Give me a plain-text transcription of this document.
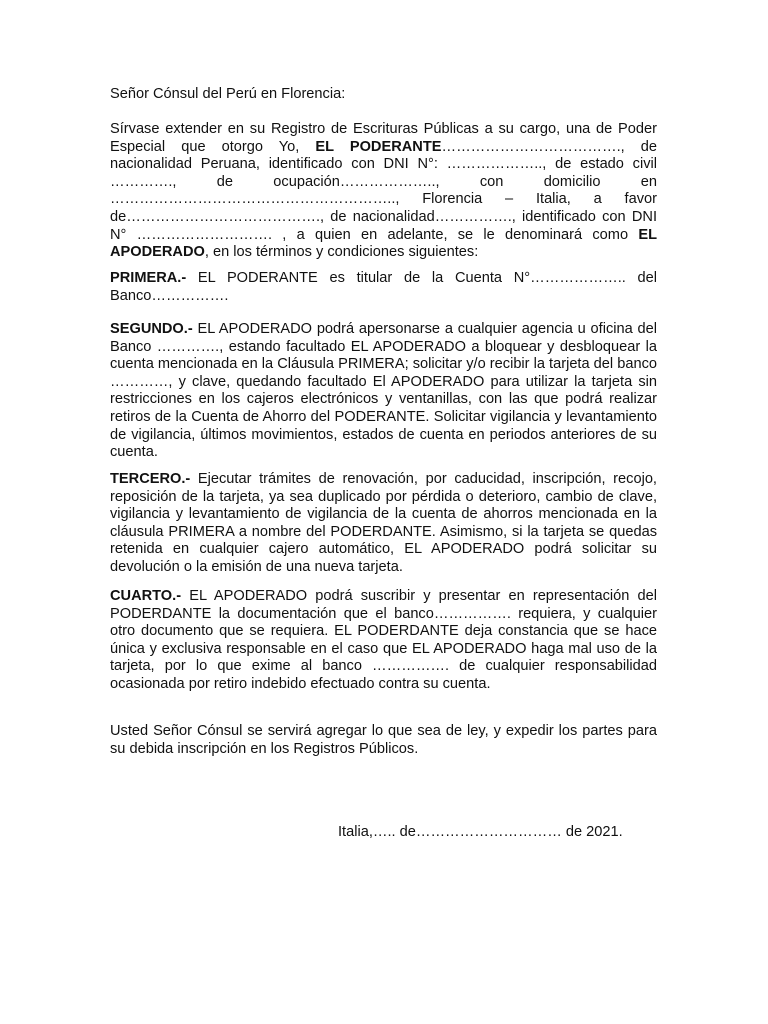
Señor Cónsul del Perú en Florencia:
Sírvase extender en su Registro de Escrituras Públicas a su cargo, una de Poder Especial que otorgo Yo, EL PODERANTE………………………………., de nacionalidad Peruana, identificado con DNI N°: ……………….., de estado civil …………., de ocupación……………….., con domicilio en ………………………………………………….., Florencia – Italia, a favor de…………………………………., de nacionalidad……………., identificado con DNI N° ………………………. , a quien en adelante, se le denominará como EL APODERADO, en los términos y condiciones siguientes:
PRIMERA.- EL PODERANTE es titular de la Cuenta N°……………….. del Banco…………….
SEGUNDO.- EL APODERADO podrá apersonarse a cualquier agencia u oficina del Banco …………., estando facultado EL APODERADO a bloquear y desbloquear la cuenta mencionada en la Cláusula PRIMERA; solicitar y/o recibir la tarjeta del banco …………, y clave, quedando facultado El APODERADO para utilizar la tarjeta sin restricciones en los cajeros electrónicos y ventanillas, con las que podrá realizar retiros de la Cuenta de Ahorro del PODERANTE. Solicitar vigilancia y levantamiento de vigilancia, últimos movimientos, estados de cuenta en periodos anteriores de su cuenta.
TERCERO.- Ejecutar trámites de renovación, por caducidad, inscripción, recojo, reposición de la tarjeta, ya sea duplicado por pérdida o deterioro, cambio de clave, vigilancia y levantamiento de vigilancia de la cuenta de ahorros mencionada en la cláusula PRIMERA a nombre del PODERDANTE. Asimismo, si la tarjeta se quedas retenida en cualquier cajero automático, EL APODERADO podrá solicitar su devolución o la emisión de una nueva tarjeta.
CUARTO.- EL APODERADO podrá suscribir y presentar en representación del PODERDANTE la documentación que el banco……………. requiera, y cualquier otro documento que se requiera. EL PODERDANTE deja constancia que se hace única y exclusiva responsable en el caso que EL APODERADO haga mal uso de la tarjeta, por lo que exime al banco ……………. de cualquier responsabilidad ocasionada por retiro indebido efectuado contra su cuenta.
Usted Señor Cónsul se servirá agregar lo que sea de ley, y expedir los partes para su debida inscripción en los Registros Públicos.
Italia,….. de………………………… de 2021.
